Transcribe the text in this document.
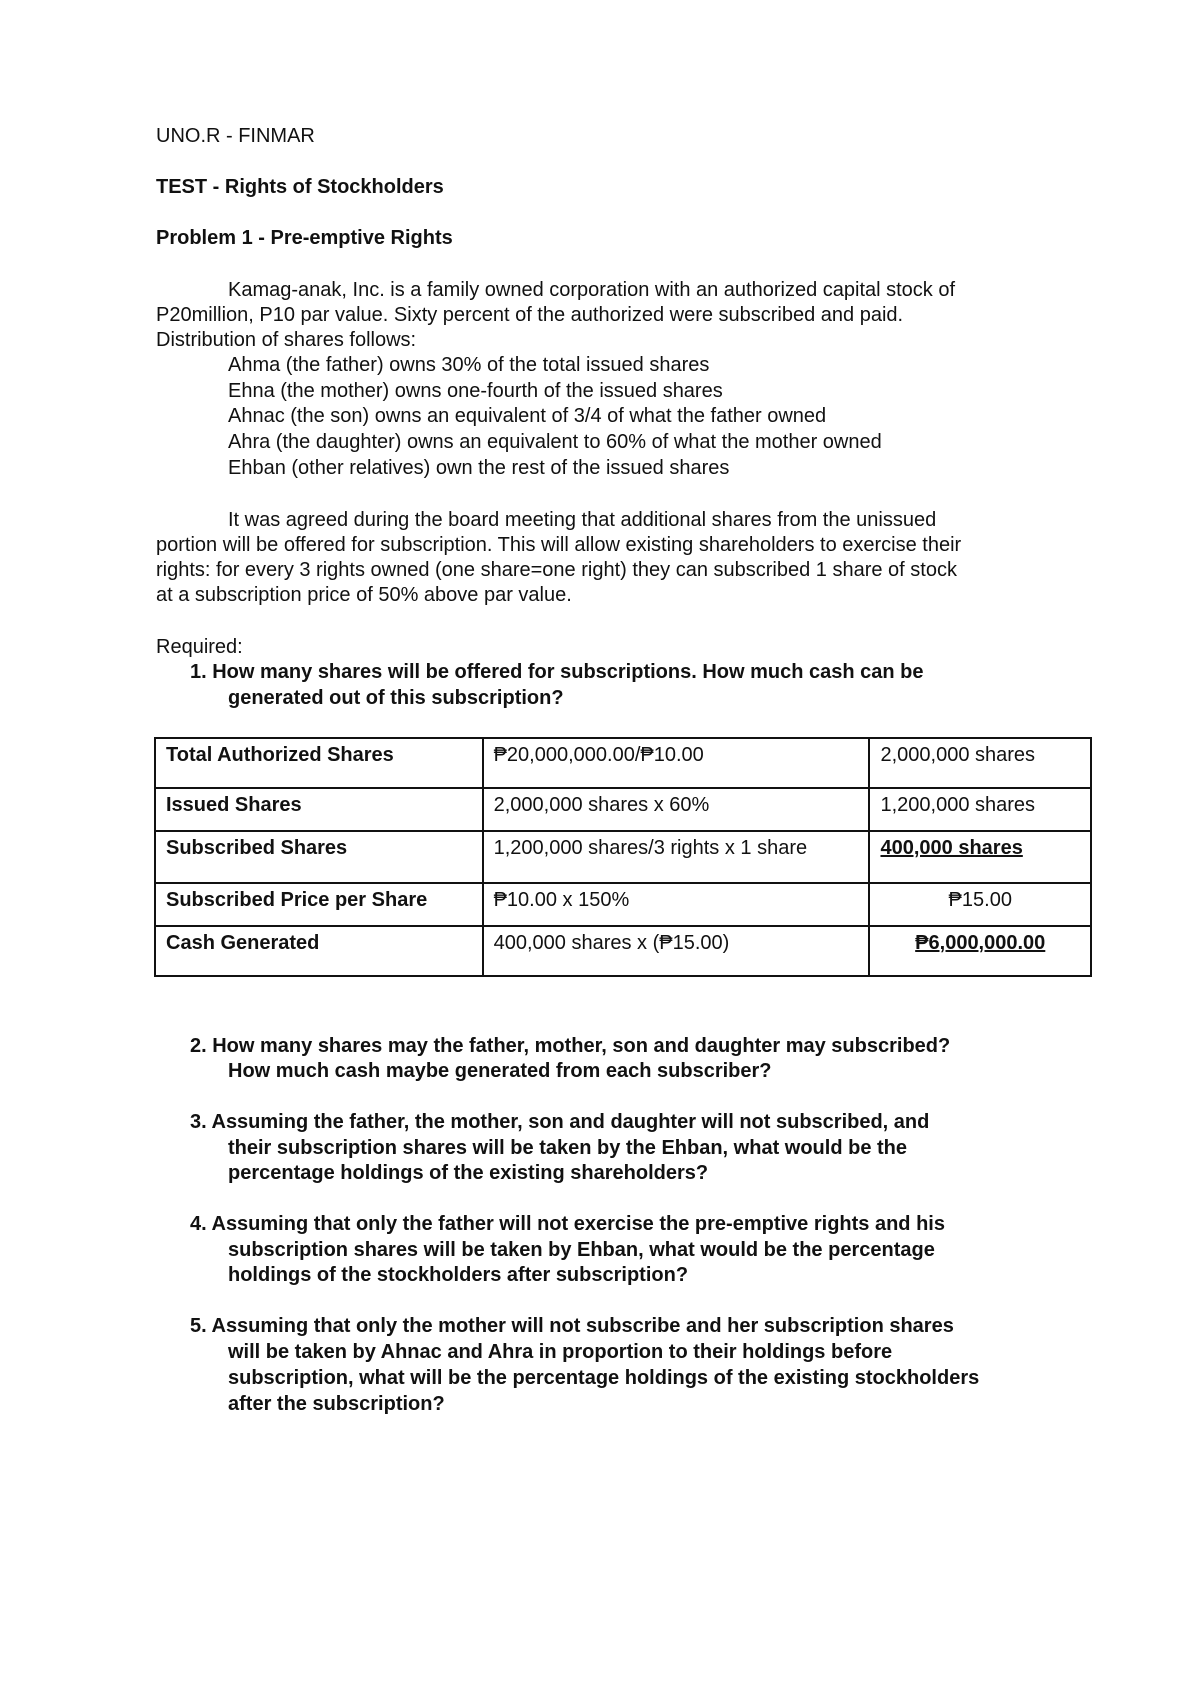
UNO.R - FINMAR
TEST - Rights of Stockholders
Problem 1 - Pre-emptive Rights
Kamag-anak, Inc. is a family owned corporation with an authorized capital stock of
P20million, P10 par value. Sixty percent of the authorized were subscribed and paid.
Distribution of shares follows:
Ahma (the father) owns 30% of the total issued shares
Ehna (the mother) owns one-fourth of the issued shares
Ahnac (the son) owns an equivalent of 3/4 of what the father owned
Ahra (the daughter) owns an equivalent to 60% of what the mother owned
Ehban (other relatives) own the rest of the issued shares
It was agreed during the board meeting that additional shares from the unissued
portion will be offered for subscription. This will allow existing shareholders to exercise their
rights: for every 3 rights owned (one share=one right) they can subscribed 1 share of stock
at a subscription price of 50% above par value.
Required:
1. How many shares will be offered for subscriptions. How much cash can be
generated out of this subscription?
Total Authorized Shares	₱20,000,000.00/₱10.00	2,000,000 shares
Issued Shares	2,000,000 shares x 60%	1,200,000 shares
Subscribed Shares	1,200,000 shares/3 rights x 1 share	400,000 shares
Subscribed Price per Share	₱10.00 x 150%	₱15.00
Cash Generated	400,000 shares x (₱15.00)	₱6,000,000.00
2. How many shares may the father, mother, son and daughter may subscribed?
How much cash maybe generated from each subscriber?
3. Assuming the father, the mother, son and daughter will not subscribed, and
their subscription shares will be taken by the Ehban, what would be the
percentage holdings of the existing shareholders?
4. Assuming that only the father will not exercise the pre-emptive rights and his
subscription shares will be taken by Ehban, what would be the percentage
holdings of the stockholders after subscription?
5. Assuming that only the mother will not subscribe and her subscription shares
will be taken by Ahnac and Ahra in proportion to their holdings before
subscription, what will be the percentage holdings of the existing stockholders
after the subscription?
